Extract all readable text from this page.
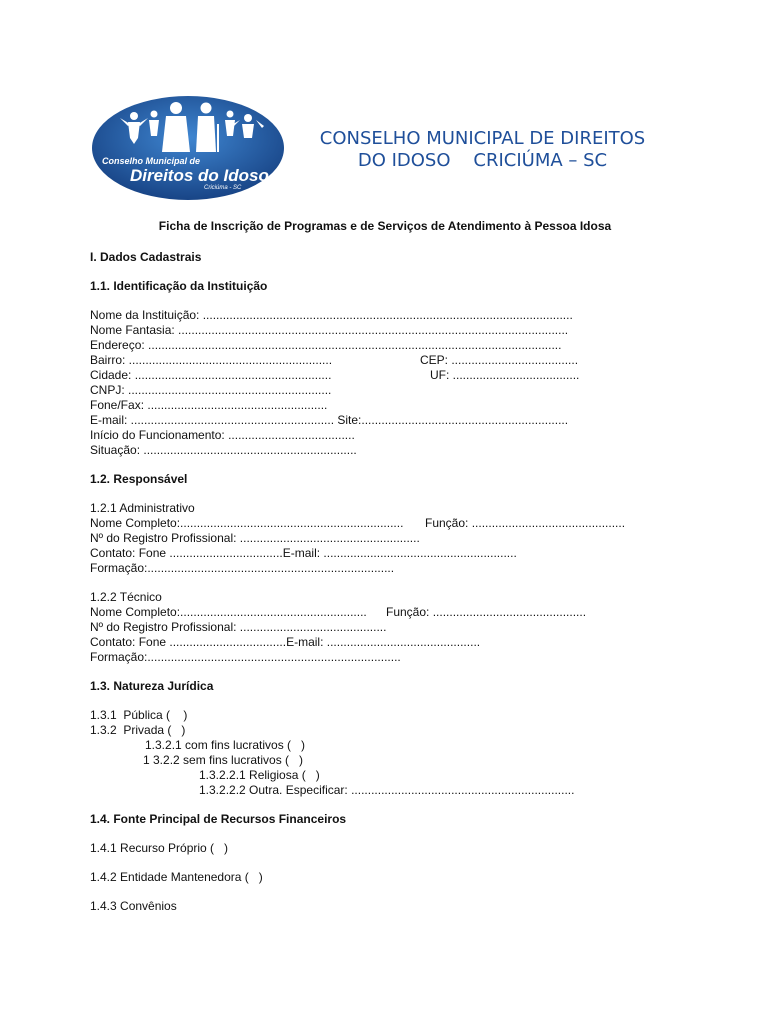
Conselho Municipal de
Direitos do Idoso
Criciúma - SC
CONSELHO MUNICIPAL DE DIREITOS
DO IDOSO    CRICIÚMA – SC
Ficha de Inscrição de Programas e de Serviços de Atendimento à Pessoa Idosa
I. Dados Cadastrais
1.1. Identificação da Instituição
Nome da Instituição: ...............................................................................................................
Nome Fantasia: .....................................................................................................................
Endereço: ............................................................................................................................
Bairro: .............................................................	CEP: ......................................
Cidade: ...........................................................	UF: ......................................
CNPJ: .............................................................
Fone/Fax: ......................................................
E-mail: ............................................................. Site:..............................................................
Início do Funcionamento: ......................................
Situação: ................................................................
1.2. Responsável
1.2.1 Administrativo
Nome Completo:................................................................... Função: ..............................................
Nº do Registro Profissional: ......................................................
Contato: Fone ..................................E-mail: ..........................................................
Formação:..........................................................................
1.2.2 Técnico
Nome Completo:........................................................ Função: ..............................................
Nº do Registro Profissional: ............................................
Contato: Fone ...................................E-mail: ..............................................
Formação:............................................................................
1.3. Natureza Jurídica
1.3.1  Pública (    )
1.3.2  Privada (   )
1.3.2.1 com fins lucrativos (   )
1 3.2.2 sem fins lucrativos (   )
1.3.2.2.1 Religiosa (   )
1.3.2.2.2 Outra. Especificar: ...................................................................
1.4. Fonte Principal de Recursos Financeiros
1.4.1 Recurso Próprio (   )
1.4.2 Entidade Mantenedora (   )
1.4.3 Convênios
